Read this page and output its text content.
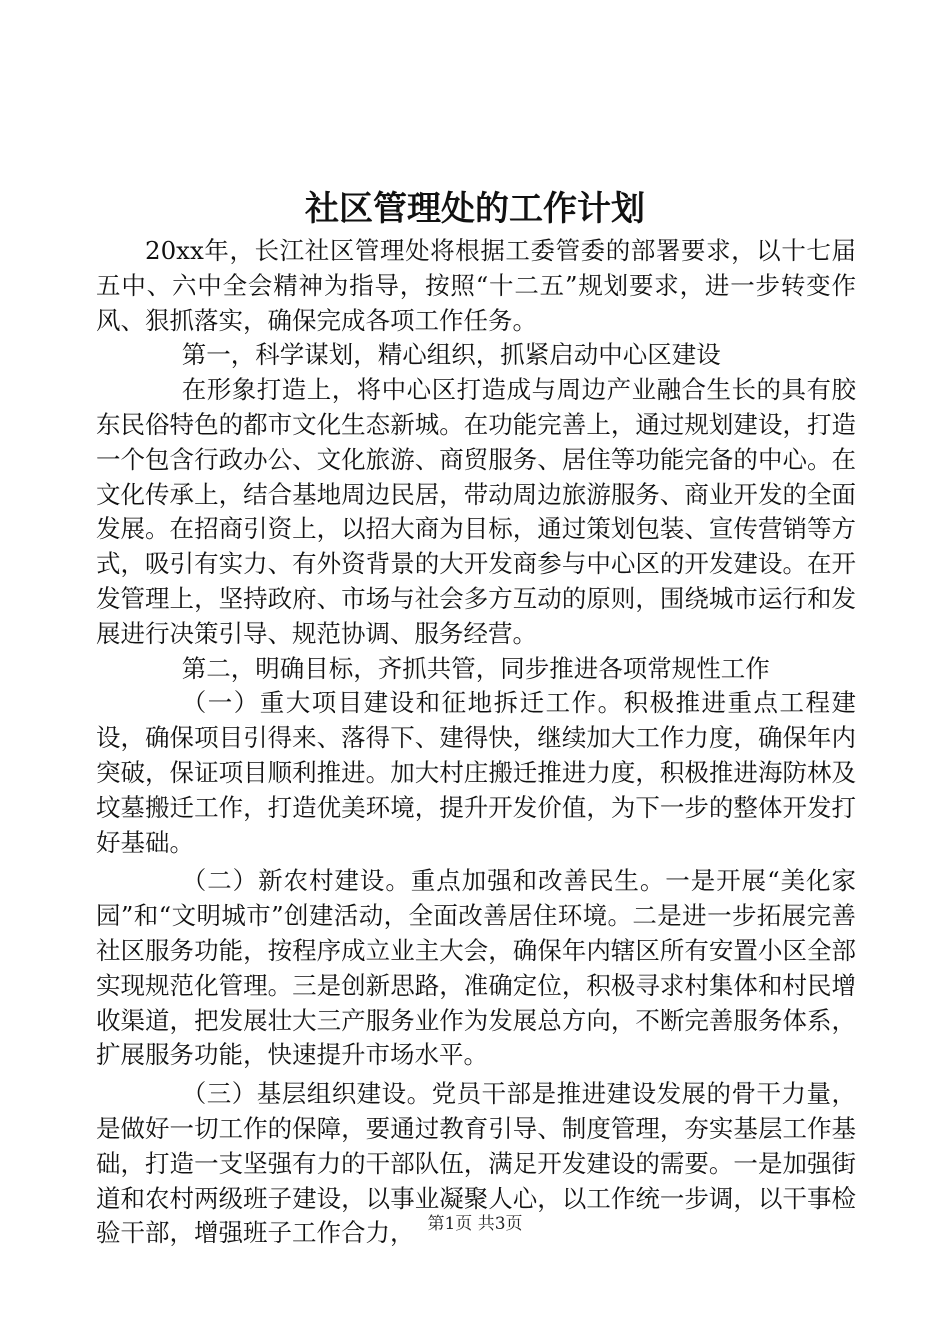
社区管理处的工作计划

20xx年，长江社区管理处将根据工委管委的部署要求，以十七届五中、六中全会精神为指导，按照“十二五”规划要求，进一步转变作风、狠抓落实，确保完成各项工作任务。

第一，科学谋划，精心组织，抓紧启动中心区建设

在形象打造上，将中心区打造成与周边产业融合生长的具有胶东民俗特色的都市文化生态新城。在功能完善上，通过规划建设，打造一个包含行政办公、文化旅游、商贸服务、居住等功能完备的中心。在文化传承上，结合基地周边民居，带动周边旅游服务、商业开发的全面发展。在招商引资上，以招大商为目标，通过策划包装、宣传营销等方式，吸引有实力、有外资背景的大开发商参与中心区的开发建设。在开发管理上，坚持政府、市场与社会多方互动的原则，围绕城市运行和发展进行决策引导、规范协调、服务经营。

第二，明确目标，齐抓共管，同步推进各项常规性工作

（一）重大项目建设和征地拆迁工作。积极推进重点工程建设，确保项目引得来、落得下、建得快，继续加大工作力度，确保年内突破，保证项目顺利推进。加大村庄搬迁推进力度，积极推进海防林及坟墓搬迁工作，打造优美环境，提升开发价值，为下一步的整体开发打好基础。

（二）新农村建设。重点加强和改善民生。一是开展“美化家园”和“文明城市”创建活动，全面改善居住环境。二是进一步拓展完善社区服务功能，按程序成立业主大会，确保年内辖区所有安置小区全部实现规范化管理。三是创新思路，准确定位，积极寻求村集体和村民增收渠道，把发展壮大三产服务业作为发展总方向，不断完善服务体系，扩展服务功能，快速提升市场水平。

（三）基层组织建设。党员干部是推进建设发展的骨干力量，是做好一切工作的保障，要通过教育引导、制度管理，夯实基层工作基础，打造一支坚强有力的干部队伍，满足开发建设的需要。一是加强街道和农村两级班子建设，以事业凝聚人心，以工作统一步调，以干事检验干部，增强班子工作合力， 第1页 共3页
